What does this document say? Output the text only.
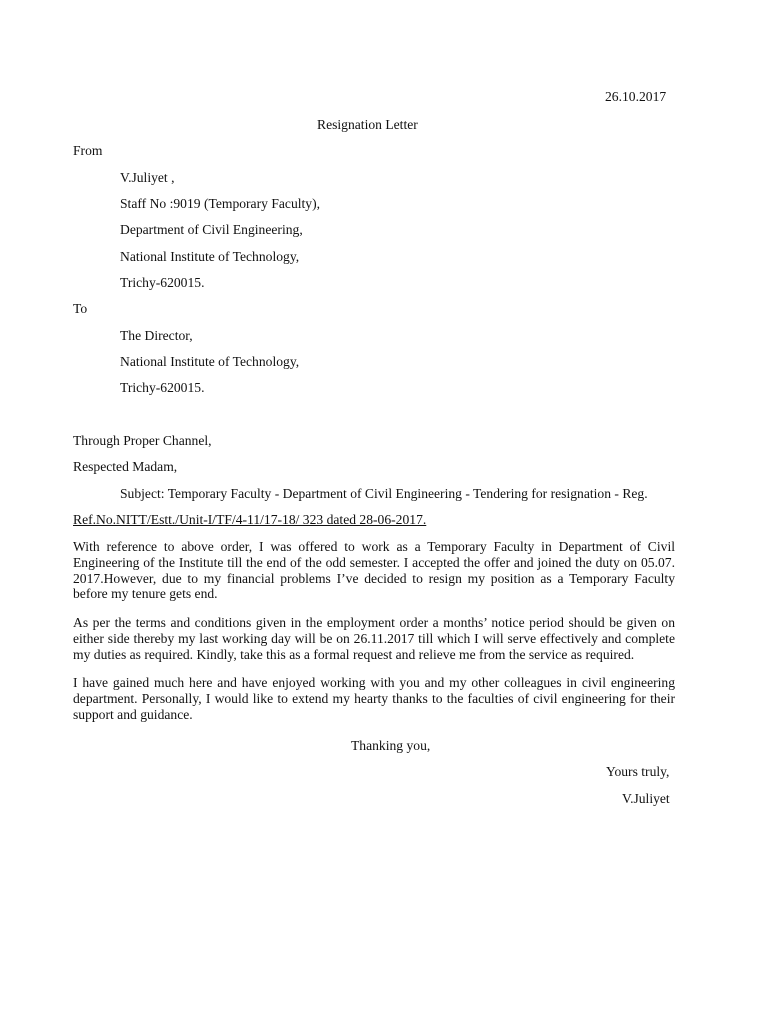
26.10.2017
Resignation Letter
From
V.Juliyet ,
Staff No :9019 (Temporary Faculty),
Department of Civil Engineering,
National Institute of Technology,
Trichy-620015.
To
The Director,
National Institute of Technology,
Trichy-620015.
Through Proper Channel,
Respected Madam,
Subject: Temporary Faculty - Department of Civil Engineering - Tendering for resignation - Reg.
Ref.No.NITT/Estt./Unit-I/TF/4-11/17-18/ 323 dated 28-06-2017.
With reference to above order, I was offered to work as a Temporary Faculty in Department of Civil Engineering of the Institute till the end of the odd semester. I accepted the offer and joined the duty on 05.07. 2017.However, due to my financial problems I’ve decided to resign my position as a Temporary Faculty before my tenure gets end.
As per the terms and conditions given in the employment order a months’ notice period should be given on either side thereby my last working day will be on 26.11.2017 till which I will serve effectively and complete my duties as required. Kindly, take this as a formal request and relieve me from the service as required.
I have gained much here and have enjoyed working with you and my other colleagues in civil engineering department. Personally, I would like to extend my hearty thanks to the faculties of civil engineering for their support and guidance.
Thanking you,
Yours truly,
V.Juliyet
